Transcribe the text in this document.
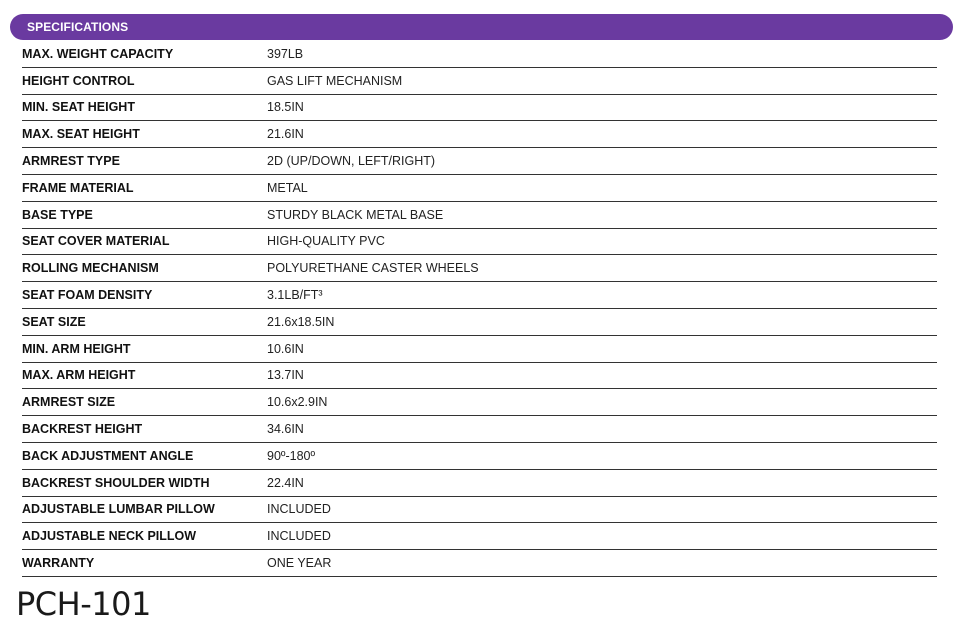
SPECIFICATIONS
MAX. WEIGHT CAPACITY	397LB
HEIGHT CONTROL	GAS LIFT MECHANISM
MIN. SEAT HEIGHT	18.5IN
MAX. SEAT HEIGHT	21.6IN
ARMREST TYPE	2D (UP/DOWN, LEFT/RIGHT)
FRAME MATERIAL	METAL
BASE TYPE	STURDY BLACK METAL BASE
SEAT COVER MATERIAL	HIGH-QUALITY PVC
ROLLING MECHANISM	POLYURETHANE CASTER WHEELS
SEAT FOAM DENSITY	3.1LB/FT³
SEAT SIZE	21.6x18.5IN
MIN. ARM HEIGHT	10.6IN
MAX. ARM HEIGHT	13.7IN
ARMREST SIZE	10.6x2.9IN
BACKREST HEIGHT	34.6IN
BACK ADJUSTMENT ANGLE	90º-180º
BACKREST SHOULDER WIDTH	22.4IN
ADJUSTABLE LUMBAR PILLOW	INCLUDED
ADJUSTABLE NECK PILLOW	INCLUDED
WARRANTY	ONE YEAR
PCH-101
